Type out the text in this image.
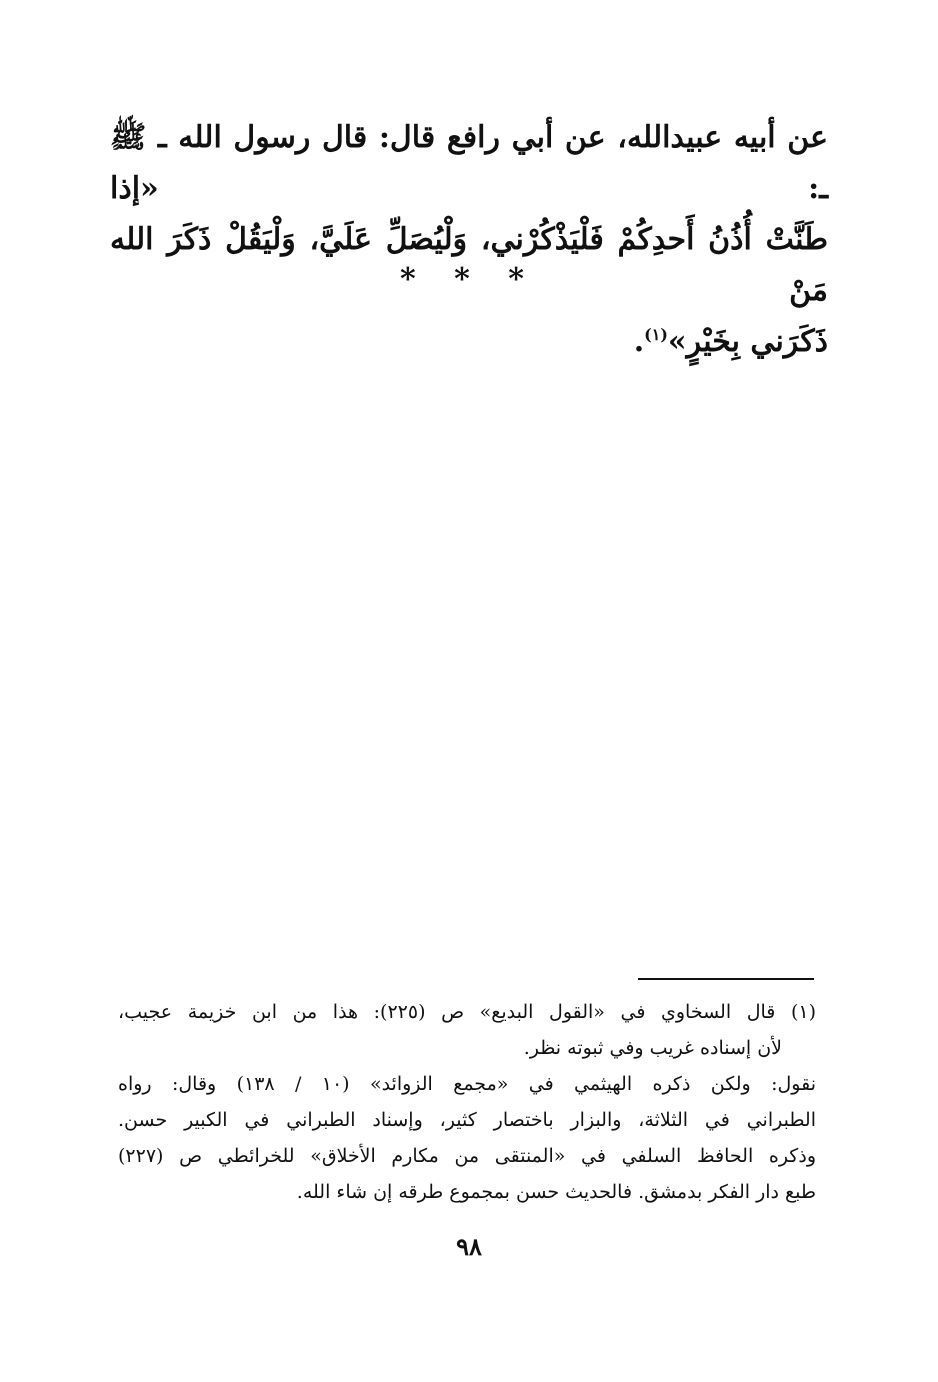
عن أبيه عبيدالله، عن أبي رافع قال: قال رسول الله ـ ﷺ ـ: «إذا
طَنَّتْ أُذُنُ أَحدِكُمْ فَلْيَذْكُرْني، وَلْيُصَلِّ عَلَيَّ، وَلْيَقُلْ ذَكَرَ الله مَنْ
ذَكَرَني بِخَيْرٍ»$^{(١)}$.
* * *
(١) قال السخاوي في «القول البديع» ص (٢٢٥): هذا من ابن خزيمة عجيب،
لأن إسناده غريب وفي ثبوته نظر.
نقول: ولكن ذكره الهيثمي في «مجمع الزوائد» (١٠ / ١٣٨) وقال: رواه
الطبراني في الثلاثة، والبزار باختصار كثير، وإسناد الطبراني في الكبير حسن.
وذكره الحافظ السلفي في «المنتقى من مكارم الأخلاق» للخرائطي ص (٢٢٧)
طبع دار الفكر بدمشق. فالحديث حسن بمجموع طرقه إن شاء الله.
٩٨
